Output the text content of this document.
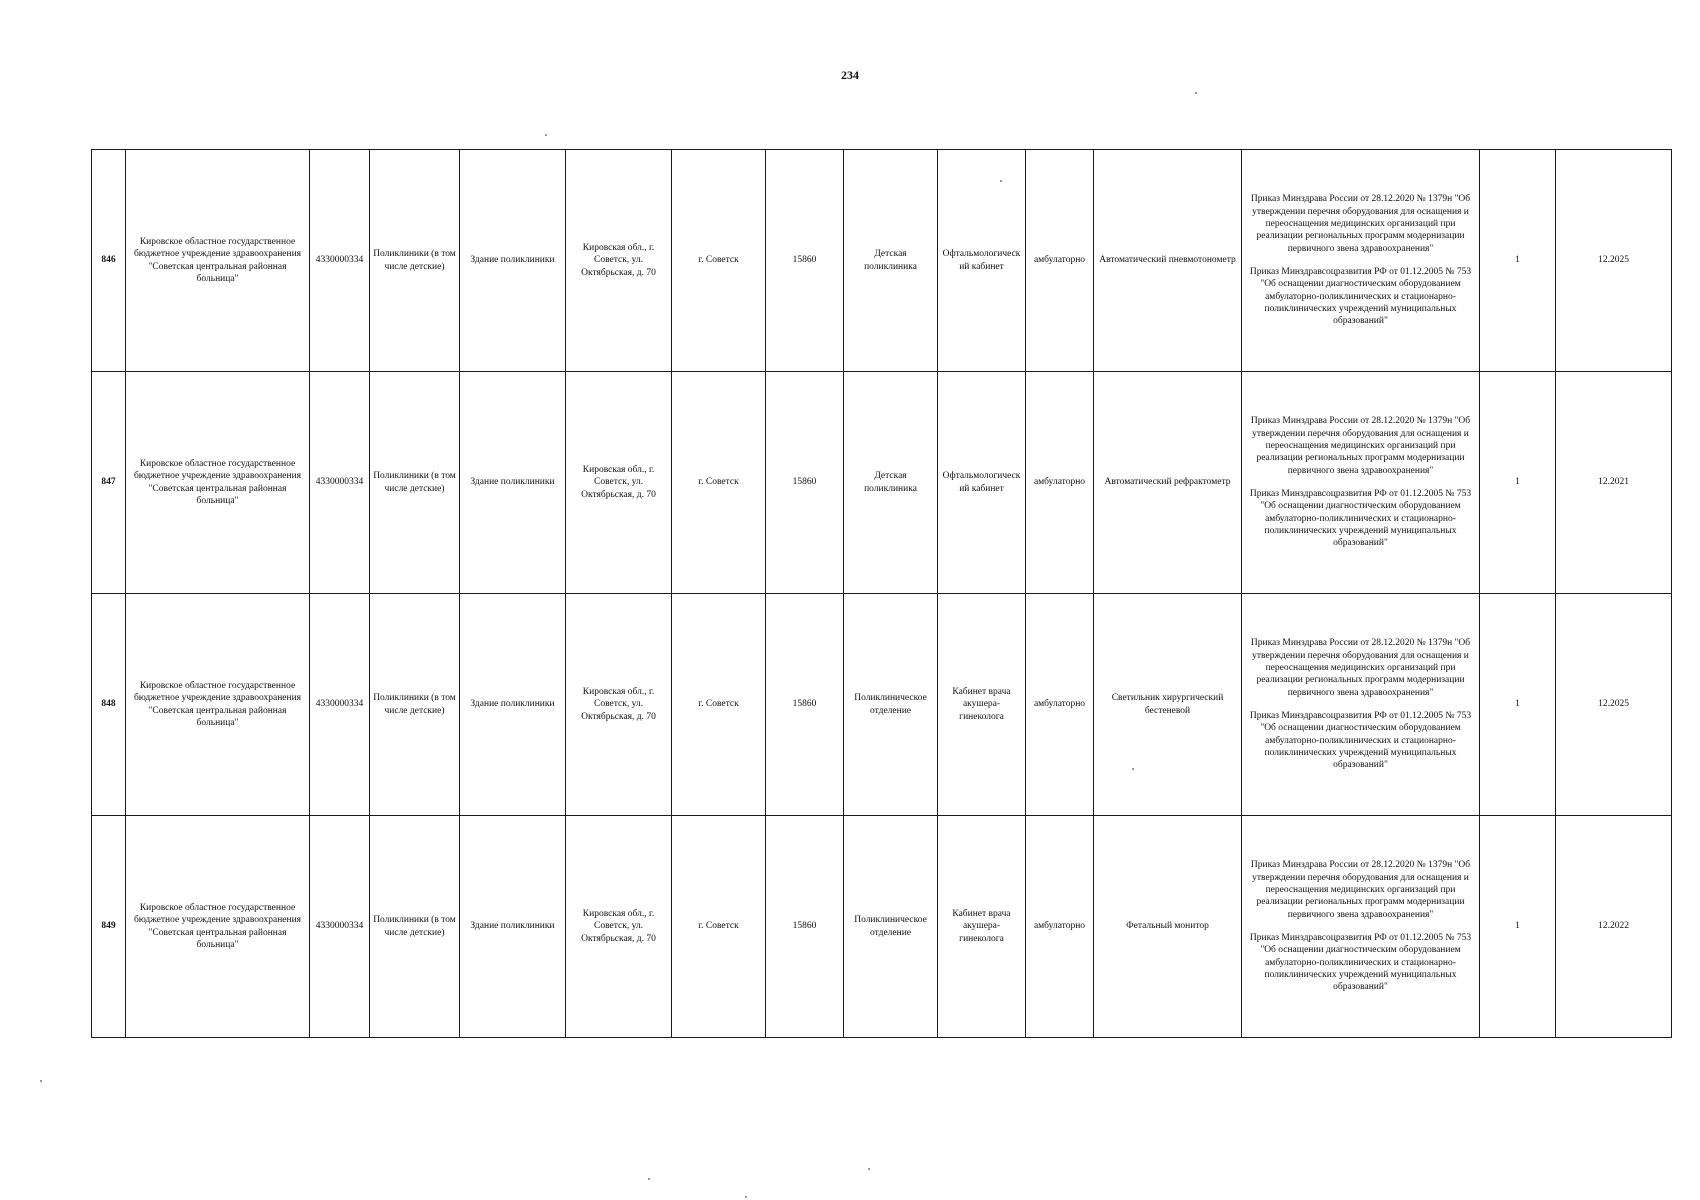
234
846	Кировское областное государственное бюджетное учреждение здравоохранения "Советская центральная районная больница"	4330000334	Поликлиники (в том числе детские)	Здание поликлиники	Кировская обл., г. Советск, ул. Октябрьская, д. 70	г. Советск	15860	Детская поликлиника	Офтальмологический кабинет	амбулаторно	Автоматический пневмотонометр	Приказ Минздрава России от 28.12.2020 № 1379н "Об утверждении перечня оборудования для оснащения и переоснащения медицинских организаций при реализации региональных программ модернизации первичного звена здравоохранения"
Приказ Минздравсоцразвития РФ от 01.12.2005 № 753 "Об оснащении диагностическим оборудованием амбулаторно-поликлинических и стационарно-поликлинических учреждений муниципальных образований"	1	12.2025
847	Кировское областное государственное бюджетное учреждение здравоохранения "Советская центральная районная больница"	4330000334	Поликлиники (в том числе детские)	Здание поликлиники	Кировская обл., г. Советск, ул. Октябрьская, д. 70	г. Советск	15860	Детская поликлиника	Офтальмологический кабинет	амбулаторно	Автоматический рефрактометр	Приказ Минздрава России от 28.12.2020 № 1379н "Об утверждении перечня оборудования для оснащения и переоснащения медицинских организаций при реализации региональных программ модернизации первичного звена здравоохранения"
Приказ Минздравсоцразвития РФ от 01.12.2005 № 753 "Об оснащении диагностическим оборудованием амбулаторно-поликлинических и стационарно-поликлинических учреждений муниципальных образований"	1	12.2021
848	Кировское областное государственное бюджетное учреждение здравоохранения "Советская центральная районная больница"	4330000334	Поликлиники (в том числе детские)	Здание поликлиники	Кировская обл., г. Советск, ул. Октябрьская, д. 70	г. Советск	15860	Поликлиническое отделение	Кабинет врача акушера-гинеколога	амбулаторно	Светильник хирургический бестеневой	Приказ Минздрава России от 28.12.2020 № 1379н "Об утверждении перечня оборудования для оснащения и переоснащения медицинских организаций при реализации региональных программ модернизации первичного звена здравоохранения"
Приказ Минздравсоцразвития РФ от 01.12.2005 № 753 "Об оснащении диагностическим оборудованием амбулаторно-поликлинических и стационарно-поликлинических учреждений муниципальных образований"	1	12.2025
849	Кировское областное государственное бюджетное учреждение здравоохранения "Советская центральная районная больница"	4330000334	Поликлиники (в том числе детские)	Здание поликлиники	Кировская обл., г. Советск, ул. Октябрьская, д. 70	г. Советск	15860	Поликлиническое отделение	Кабинет врача акушера-гинеколога	амбулаторно	Фетальный монитор	Приказ Минздрава России от 28.12.2020 № 1379н "Об утверждении перечня оборудования для оснащения и переоснащения медицинских организаций при реализации региональных программ модернизации первичного звена здравоохранения"
Приказ Минздравсоцразвития РФ от 01.12.2005 № 753 "Об оснащении диагностическим оборудованием амбулаторно-поликлинических и стационарно-поликлинических учреждений муниципальных образований"	1	12.2022
